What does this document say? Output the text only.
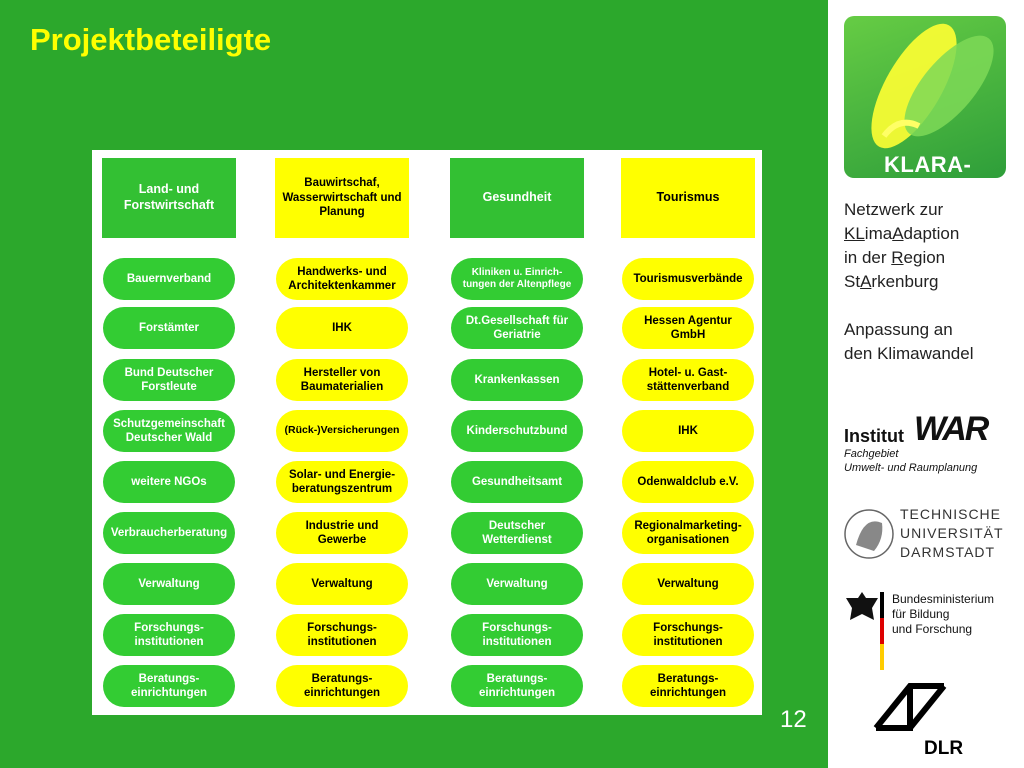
Projektbeteiligte
Land- und Forstwirtschaft
Bauernverband
Forstämter
Bund Deutscher Forstleute
Schutzgemeinschaft Deutscher Wald
weitere NGOs
Verbraucherberatung
Verwaltung
Forschungs- institutionen
Beratungs- einrichtungen
Bauwirtschaf, Wasserwirtschaft und Planung
Handwerks- und Architektenkammer
IHK
Hersteller von Baumaterialien
(Rück-)Versicherungen
Solar- und Energie- beratungszentrum
Industrie und Gewerbe
Verwaltung
Forschungs- institutionen
Beratungs- einrichtungen
Gesundheit
Kliniken u. Einrich- tungen der Altenpflege
Dt.Gesellschaft für Geriatrie
Krankenkassen
Kinderschutzbund
Gesundheitsamt
Deutscher Wetterdienst
Verwaltung
Forschungs- institutionen
Beratungs- einrichtungen
Tourismus
Tourismusverbände
Hessen Agentur GmbH
Hotel- u. Gast- stättenverband
IHK
Odenwaldclub e.V.
Regionalmarketing- organisationen
Verwaltung
Forschungs- institutionen
Beratungs- einrichtungen
12
KLARA-Net
Netzwerk zur
KLimaAdaption
in der Region
StArkenburg
Anpassung an
den Klimawandel
Institut WAR
Fachgebiet
Umwelt- und Raumplanung
TECHNISCHE
UNIVERSITÄT
DARMSTADT
Bundesministerium
für Bildung
und Forschung
DLR
